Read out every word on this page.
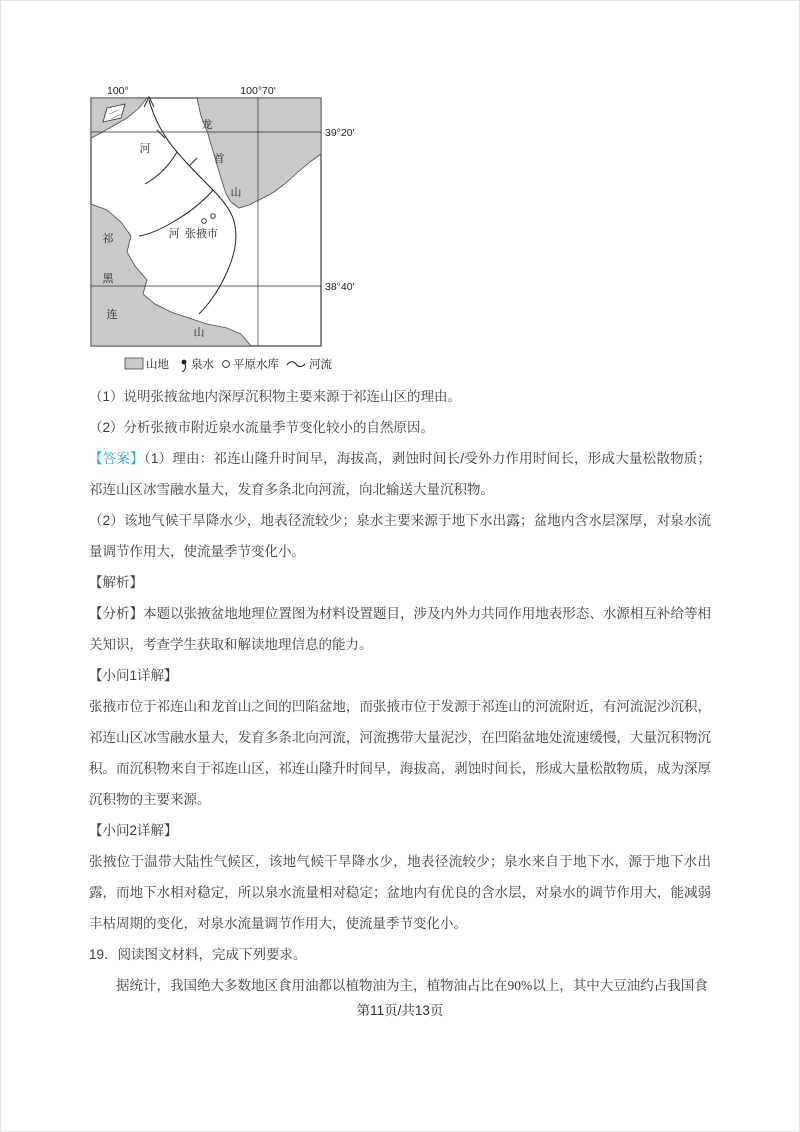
100°	100°70'
39°20'
38°40'
龙
首
山
祁
连
山
黑
河
河 张掖市
山地 泉水 平原水库	河流

（1）说明张掖盆地内深厚沉积物主要来源于祁连山区的理由。

（2）分析张掖市附近泉水流量季节变化较小的自然原因。

【答案】（1）理由：祁连山隆升时间早，海拔高，剥蚀时间长/受外力作用时间长，形成大量松散物质；祁连山区冰雪融水量大，发育多条北向河流，向北输送大量沉积物。

（2）该地气候干旱降水少，地表径流较少；泉水主要来源于地下水出露；盆地内含水层深厚，对泉水流量调节作用大，使流量季节变化小。

【解析】

【分析】本题以张掖盆地地理位置图为材料设置题目，涉及内外力共同作用地表形态、水源相互补给等相关知识，考查学生获取和解读地理信息的能力。

【小问1详解】

张掖市位于祁连山和龙首山之间的凹陷盆地，而张掖市位于发源于祁连山的河流附近，有河流泥沙沉积，祁连山区冰雪融水量大，发育多条北向河流，河流携带大量泥沙，在凹陷盆地处流速缓慢，大量沉积物沉积。而沉积物来自于祁连山区，祁连山隆升时间早，海拔高，剥蚀时间长，形成大量松散物质，成为深厚沉积物的主要来源。

【小问2详解】

张掖位于温带大陆性气候区，该地气候干旱降水少，地表径流较少；泉水来自于地下水，源于地下水出露，而地下水相对稳定，所以泉水流量相对稳定；盆地内有优良的含水层，对泉水的调节作用大，能减弱丰枯周期的变化，对泉水流量调节作用大，使流量季节变化小。

19．阅读图文材料，完成下列要求。

据统计，我国绝大多数地区食用油都以植物油为主，植物油占比在90%以上，其中大豆油约占我国食

第11页/共13页
